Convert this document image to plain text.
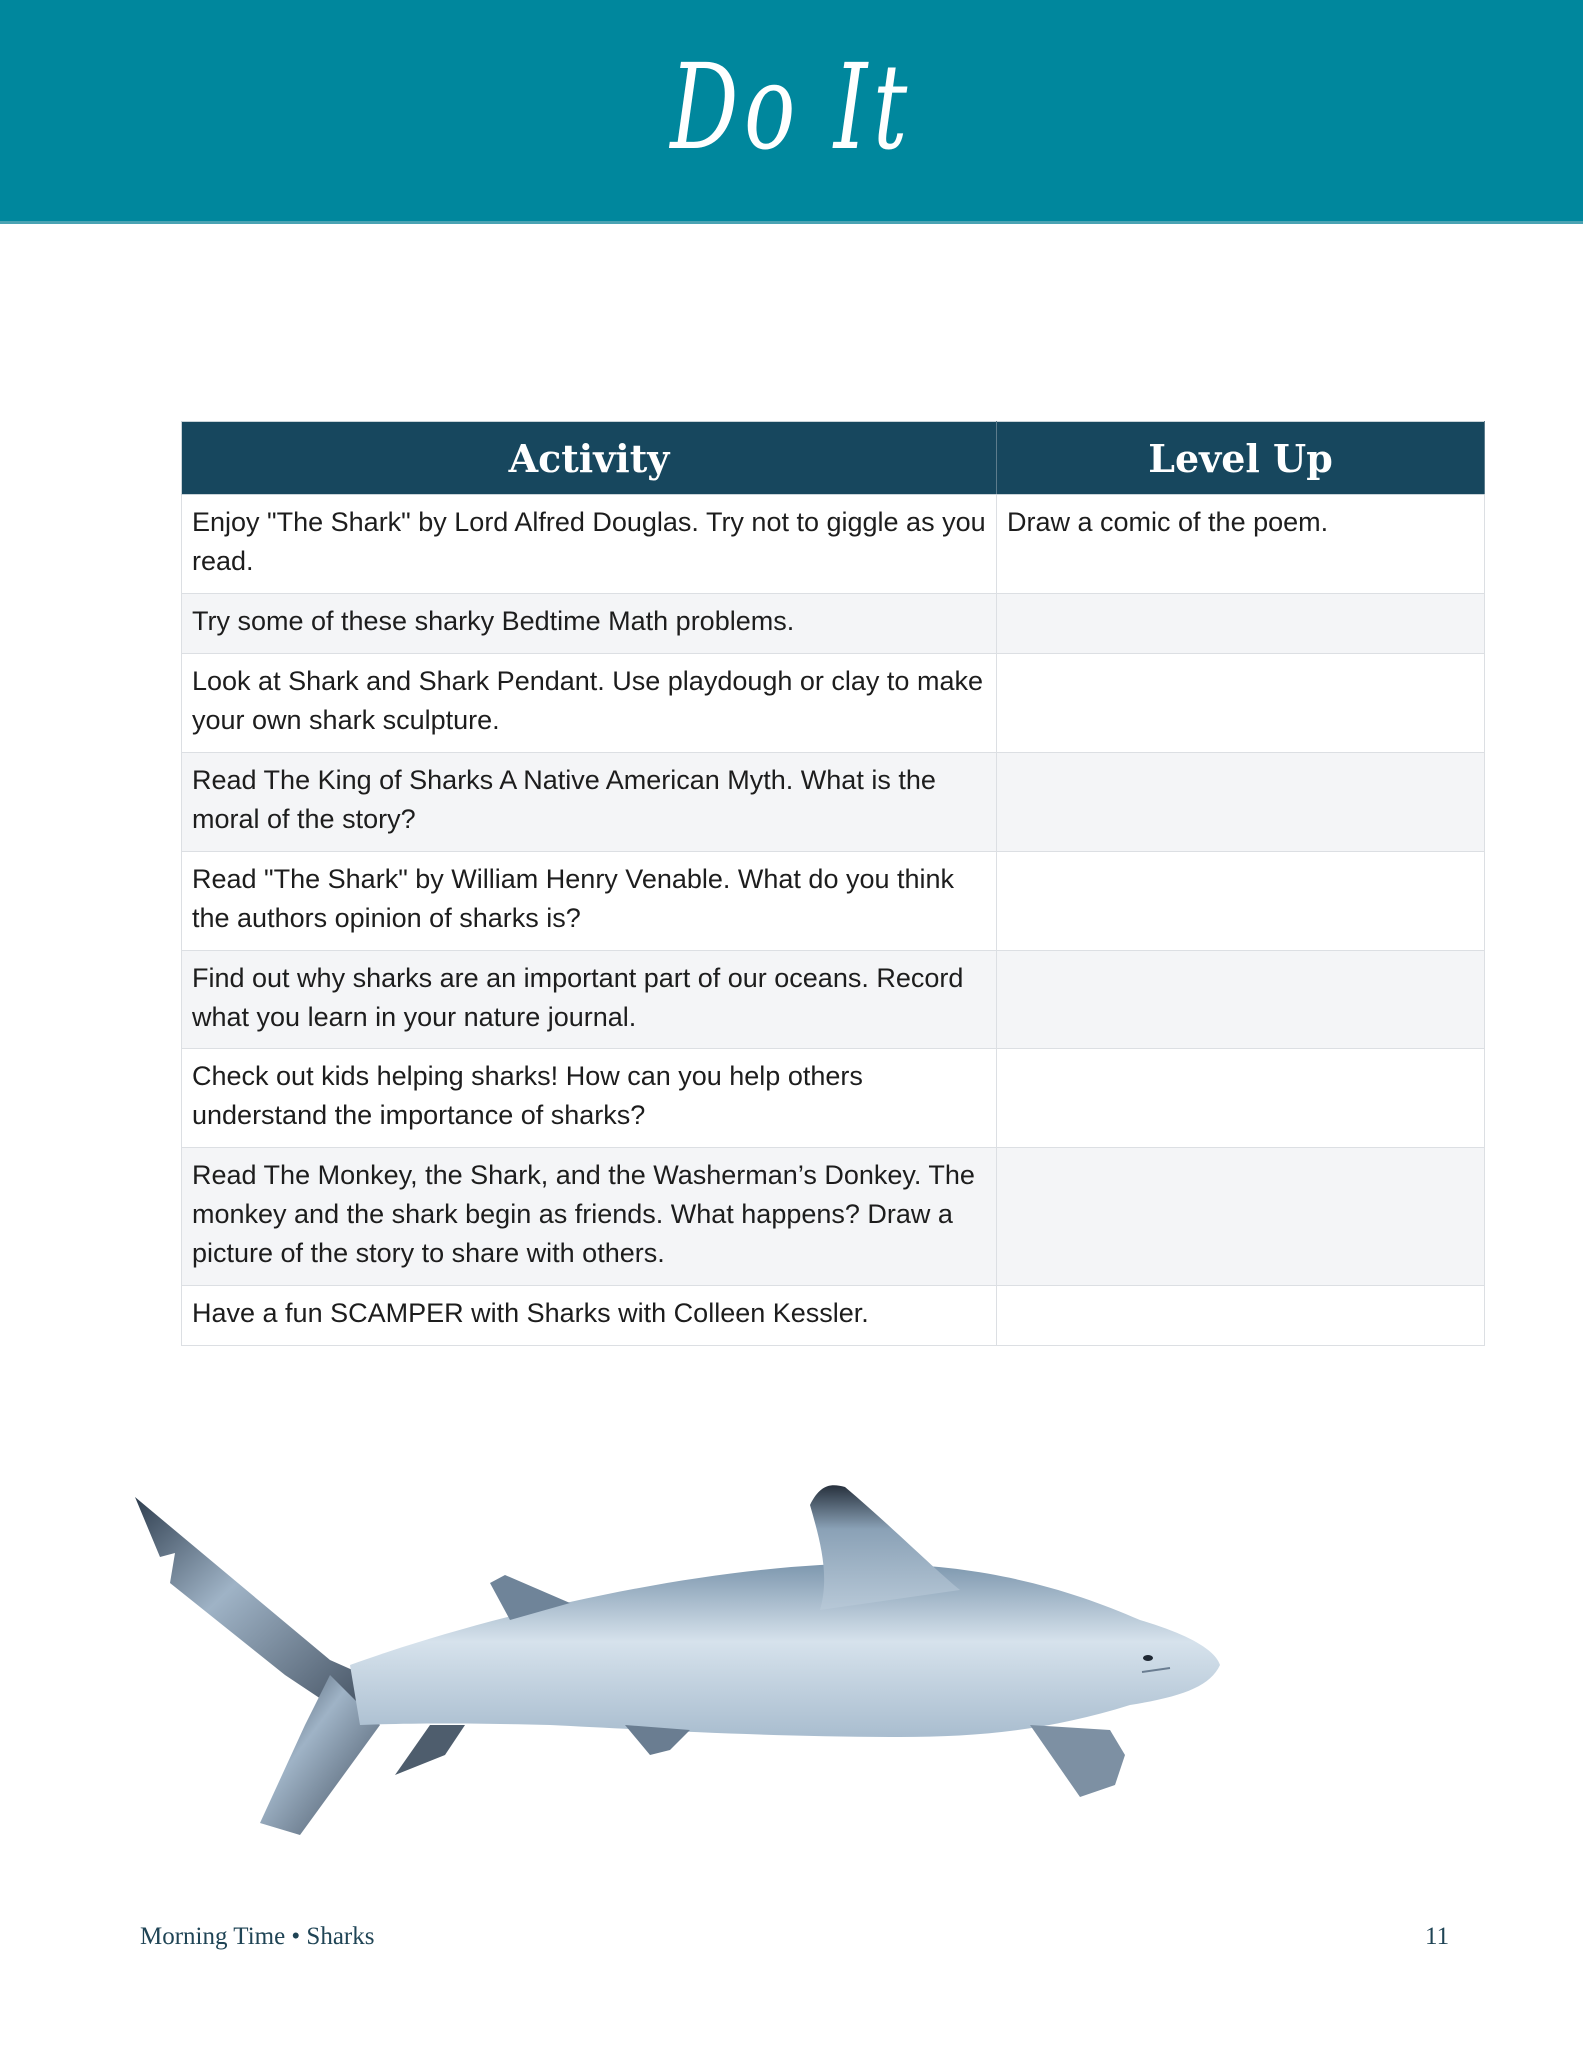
Do It
Activity	Level Up
Enjoy "The Shark" by Lord Alfred Douglas. Try not to giggle as you read.	Draw a comic of the poem.
Try some of these sharky Bedtime Math problems.	
Look at Shark and Shark Pendant. Use playdough or clay to make your own shark sculpture.	
Read The King of Sharks A Native American Myth. What is the moral of the story?	
Read "The Shark" by William Henry Venable. What do you think the authors opinion of sharks is?	
Find out why sharks are an important part of our oceans. Record what you learn in your nature journal.	
Check out kids helping sharks! How can you help others understand the importance of sharks?	
Read The Monkey, the Shark, and the Washerman’s Donkey. The monkey and the shark begin as friends. What happens? Draw a picture of the story to share with others.	
Have a fun SCAMPER with Sharks with Colleen Kessler.	
Morning Time • Sharks	11
